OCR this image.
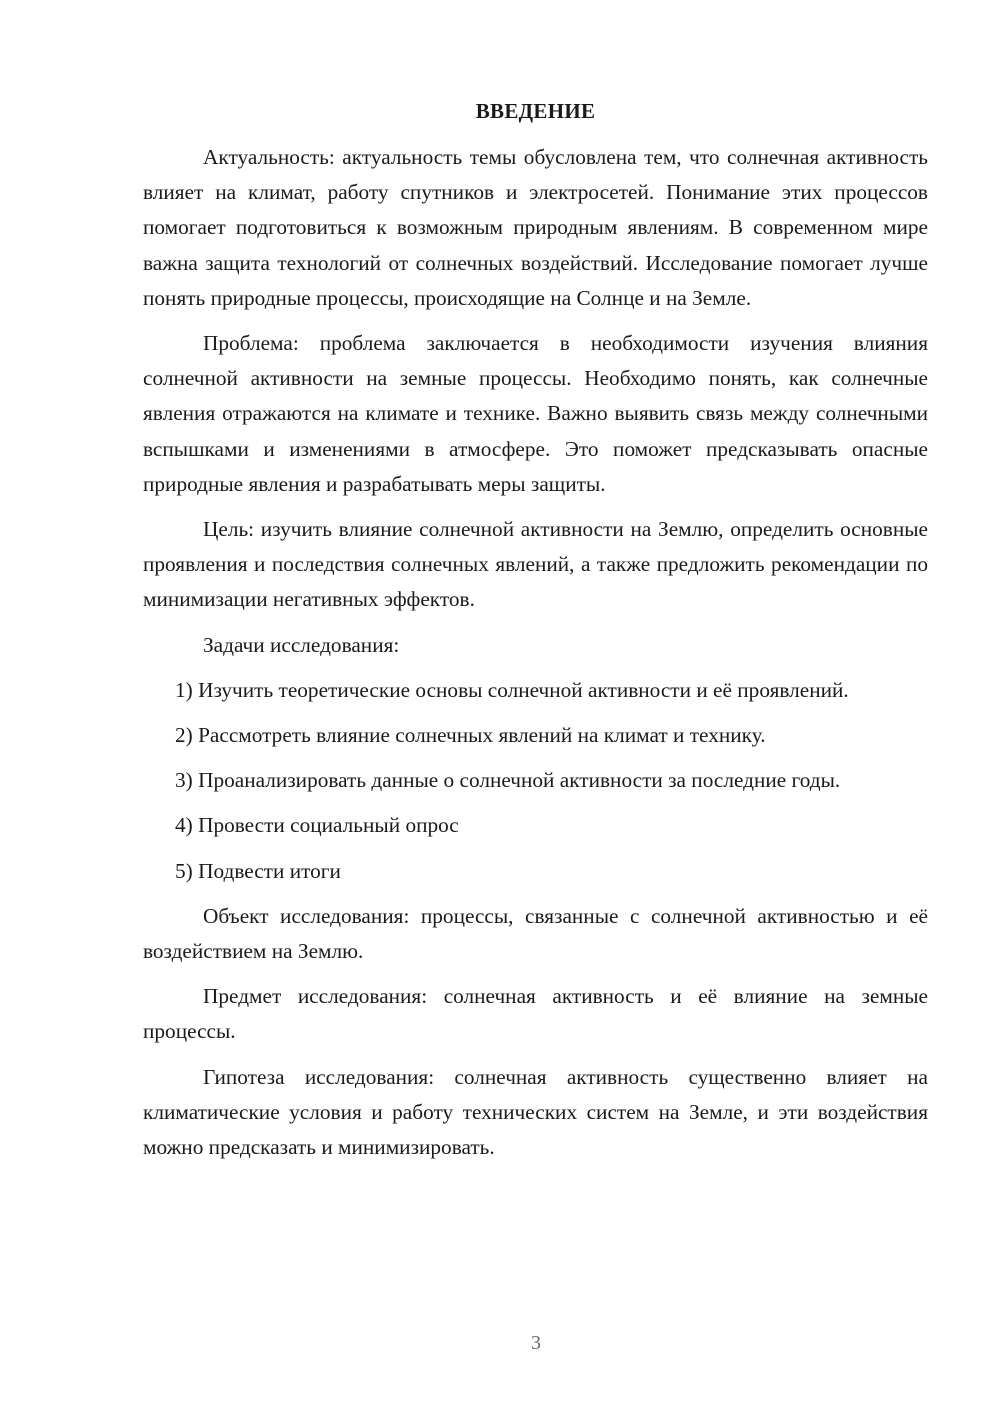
ВВЕДЕНИЕ

Актуальность: актуальность темы обусловлена тем, что солнечная активность влияет на климат, работу спутников и электросетей. Понимание этих процессов помогает подготовиться к возможным природным явлениям. В современном мире важна защита технологий от солнечных воздействий. Исследование помогает лучше понять природные процессы, происходящие на Солнце и на Земле.

Проблема: проблема заключается в необходимости изучения влияния солнечной активности на земные процессы. Необходимо понять, как солнечные явления отражаются на климате и технике. Важно выявить связь между солнечными вспышками и изменениями в атмосфере. Это поможет предсказывать опасные природные явления и разрабатывать меры защиты.

Цель: изучить влияние солнечной активности на Землю, определить основные проявления и последствия солнечных явлений, а также предложить рекомендации по минимизации негативных эффектов.

Задачи исследования:

1) Изучить теоретические основы солнечной активности и её проявлений.

2) Рассмотреть влияние солнечных явлений на климат и технику.

3) Проанализировать данные о солнечной активности за последние годы.

4) Провести социальный опрос

5) Подвести итоги

Объект исследования: процессы, связанные с солнечной активностью и её воздействием на Землю.

Предмет исследования: солнечная активность и её влияние на земные процессы.

Гипотеза исследования: солнечная активность существенно влияет на климатические условия и работу технических систем на Земле, и эти воздействия можно предсказать и минимизировать.

3
